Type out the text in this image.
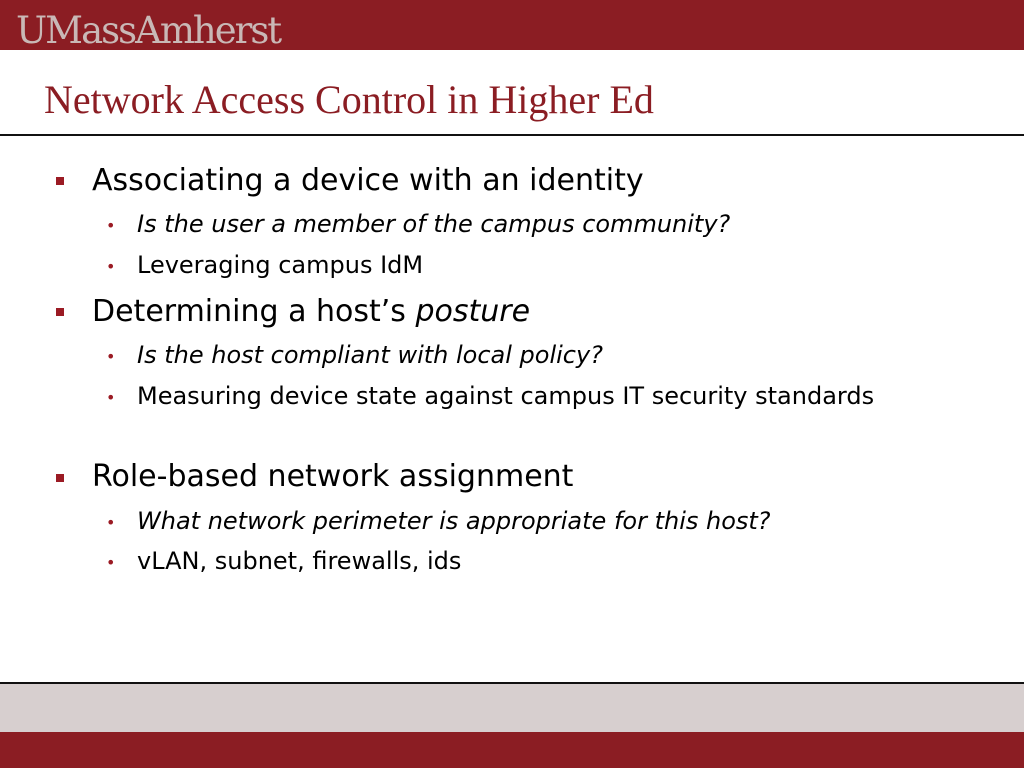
UMassAmherst
Network Access Control in Higher Ed
Associating a device with an identity
• Is the user a member of the campus community?
• Leveraging campus IdM
Determining a host’s posture
• Is the host compliant with local policy?
• Measuring device state against campus IT security standards
Role-based network assignment
• What network perimeter is appropriate for this host?
• vLAN, subnet, firewalls, ids
